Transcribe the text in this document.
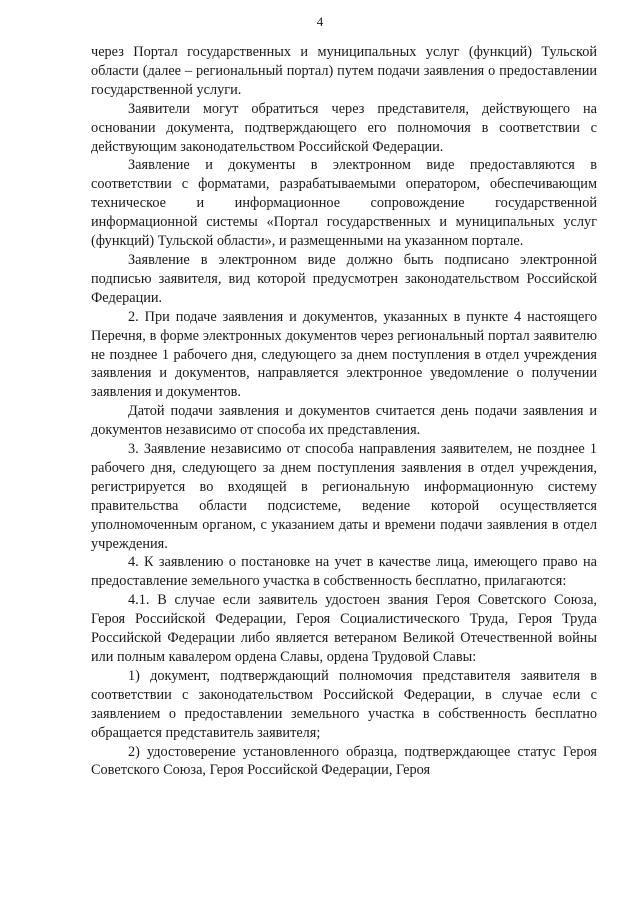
4

через Портал государственных и муниципальных услуг (функций) Тульской области (далее – региональный портал) путем подачи заявления о предоставлении государственной услуги.

Заявители могут обратиться через представителя, действующего на основании документа, подтверждающего его полномочия в соответствии с действующим законодательством Российской Федерации.

Заявление и документы в электронном виде предоставляются в соответствии с форматами, разрабатываемыми оператором, обеспечивающим техническое и информационное сопровождение государственной информационной системы «Портал государственных и муниципальных услуг (функций) Тульской области», и размещенными на указанном портале.

Заявление в электронном виде должно быть подписано электронной подписью заявителя, вид которой предусмотрен законодательством Российской Федерации.

2. При подаче заявления и документов, указанных в пункте 4 настоящего Перечня, в форме электронных документов через региональный портал заявителю не позднее 1 рабочего дня, следующего за днем поступления в отдел учреждения заявления и документов, направляется электронное уведомление о получении заявления и документов.

Датой подачи заявления и документов считается день подачи заявления и документов независимо от способа их представления.

3. Заявление независимо от способа направления заявителем, не позднее 1 рабочего дня, следующего за днем поступления заявления в отдел учреждения, регистрируется во входящей в региональную информационную систему правительства области подсистеме, ведение которой осуществляется уполномоченным органом, с указанием даты и времени подачи заявления в отдел учреждения.

4. К заявлению о постановке на учет в качестве лица, имеющего право на предоставление земельного участка в собственность бесплатно, прилагаются:

4.1. В случае если заявитель удостоен звания Героя Советского Союза, Героя Российской Федерации, Героя Социалистического Труда, Героя Труда Российской Федерации либо является ветераном Великой Отечественной войны или полным кавалером ордена Славы, ордена Трудовой Славы:

1) документ, подтверждающий полномочия представителя заявителя в соответствии с законодательством Российской Федерации, в случае если с заявлением о предоставлении земельного участка в собственность бесплатно обращается представитель заявителя;

2) удостоверение установленного образца, подтверждающее статус Героя Советского Союза, Героя Российской Федерации, Героя
